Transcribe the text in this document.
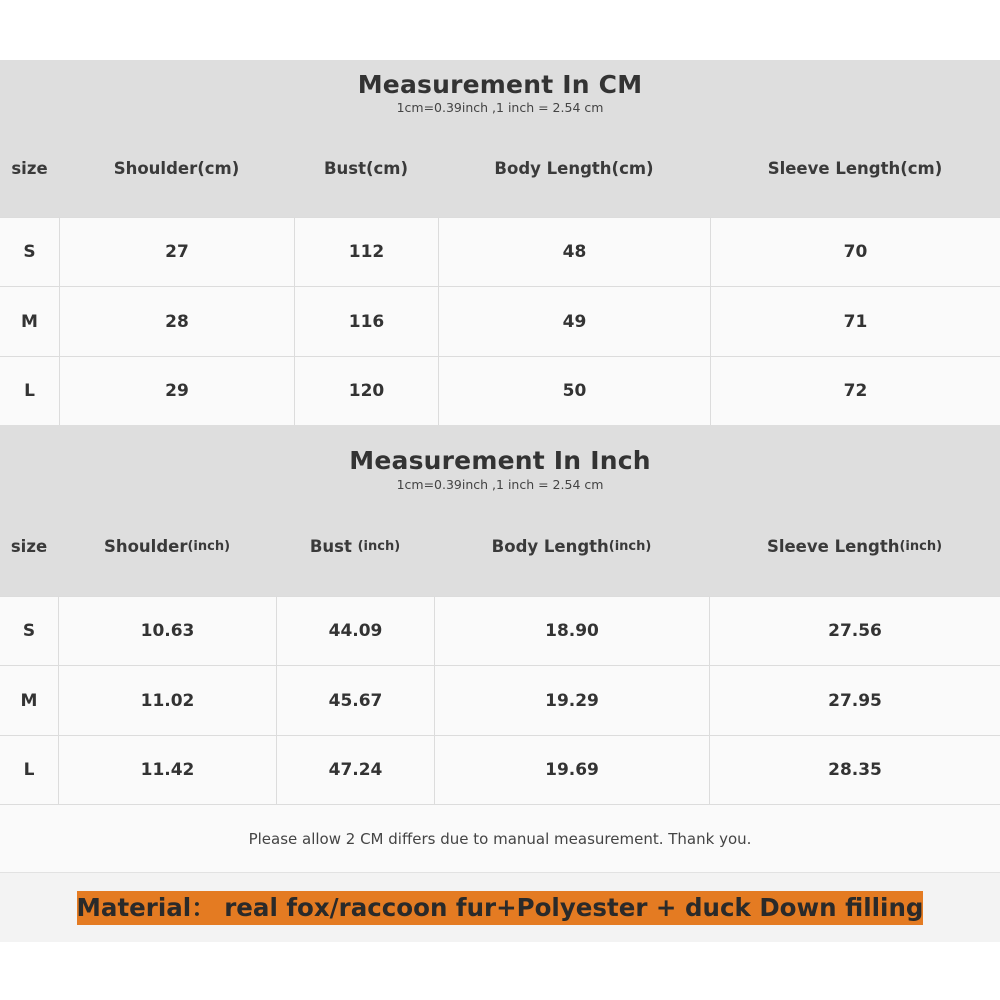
Measurement In CM
1cm=0.39inch ,1 inch = 2.54 cm
size	Shoulder(cm)	Bust(cm)	Body Length(cm)	Sleeve Length(cm)
S	27	112	48	70
M	28	116	49	71
L	29	120	50	72
Measurement In Inch
1cm=0.39inch ,1 inch = 2.54 cm
size	Shoulder (inch)	Bust (inch)	Body Length (inch)	Sleeve Length (inch)
S	10.63	44.09	18.90	27.56
M	11.02	45.67	19.29	27.95
L	11.42	47.24	19.69	28.35
Please allow 2 CM differs due to manual measurement. Thank you.
Material： real fox/raccoon fur+Polyester + duck Down filling
